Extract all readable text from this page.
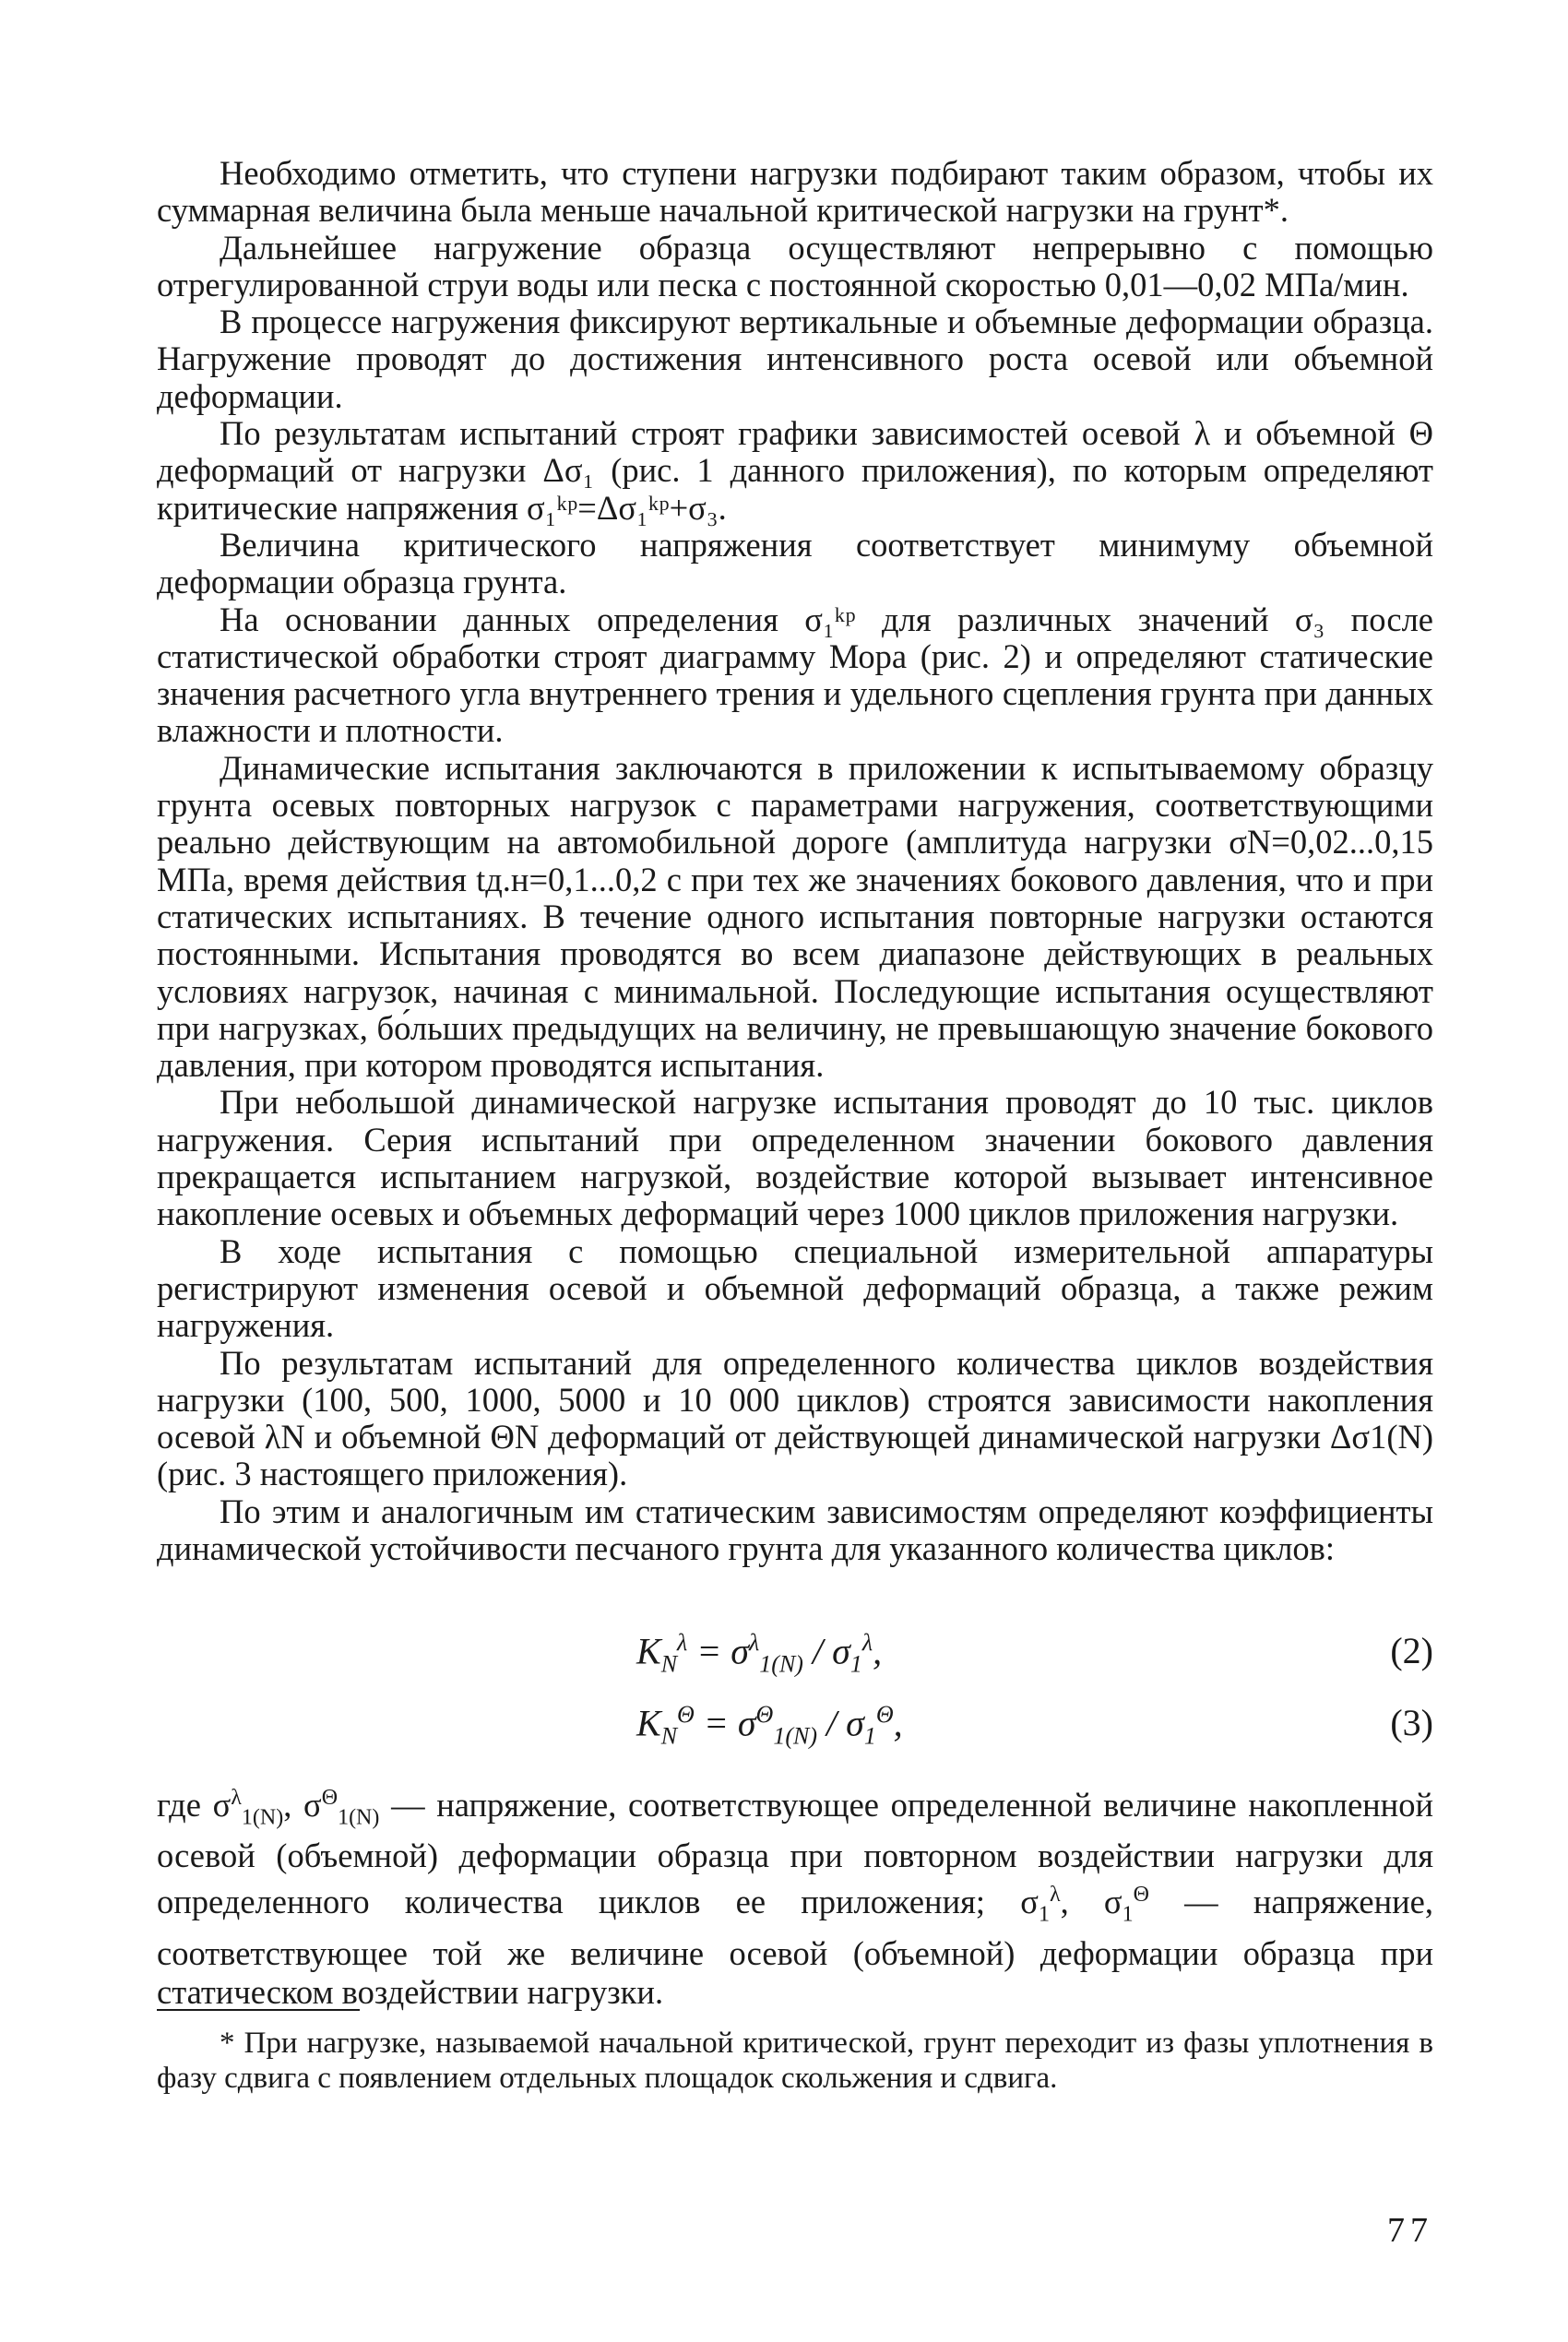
Необходимо отметить, что ступени нагрузки подбирают таким образом, чтобы их суммарная величина была меньше начальной критической нагрузки на грунт*.

Дальнейшее нагружение образца осуществляют непрерывно с помощью отрегулированной струи воды или песка с постоянной скоростью 0,01—0,02 МПа/мин.

В процессе нагружения фиксируют вертикальные и объемные деформации образца. Нагружение проводят до достижения интенсивного роста осевой или объемной деформации.

По результатам испытаний строят графики зависимостей осевой λ и объемной Θ деформаций от нагрузки Δσ₁ (рис. 1 данного приложения), по которым определяют критические напряжения σ₁ᵏᵖ=Δσ₁ᵏᵖ+σ₃.

Величина критического напряжения соответствует минимуму объемной деформации образца грунта.

На основании данных определения σ₁ᵏᵖ для различных значений σ₃ после статистической обработки строят диаграмму Мора (рис. 2) и определяют статические значения расчетного угла внутреннего трения и удельного сцепления грунта при данных влажности и плотности.

Динамические испытания заключаются в приложении к испытываемому образцу грунта осевых повторных нагрузок с параметрами нагружения, соответствующими реально действующим на автомобильной дороге (амплитуда нагрузки σN=0,02...0,15 МПа, время действия tд.н=0,1...0,2 с при тех же значениях бокового давления, что и при статических испытаниях. В течение одного испытания повторные нагрузки остаются постоянными. Испытания проводятся во всем диапазоне действующих в реальных условиях нагрузок, начиная с минимальной. Последующие испытания осуществляют при нагрузках, бо́льших предыдущих на величину, не превышающую значение бокового давления, при котором проводятся испытания.

При небольшой динамической нагрузке испытания проводят до 10 тыс. циклов нагружения. Серия испытаний при определенном значении бокового давления прекращается испытанием нагрузкой, воздействие которой вызывает интенсивное накопление осевых и объемных деформаций через 1000 циклов приложения нагрузки.

В ходе испытания с помощью специальной измерительной аппаратуры регистрируют изменения осевой и объемной деформаций образца, а также режим нагружения.

По результатам испытаний для определенного количества циклов воздействия нагрузки (100, 500, 1000, 5000 и 10 000 циклов) строятся зависимости накопления осевой λN и объемной ΘN деформаций от действующей динамической нагрузки Δσ1(N) (рис. 3 настоящего приложения).

По этим и аналогичным им статическим зависимостям определяют коэффициенты динамической устойчивости песчаного грунта для указанного количества циклов:

$K_N^\lambda = \sigma^\lambda_{1(N)} / \sigma_1^\lambda$,	(2)
$K_N^\Theta = \sigma^\Theta_{1(N)} / \sigma_1^\Theta$,	(3)

где $\sigma^\lambda_{1(N)}$, $\sigma^\Theta_{1(N)}$ — напряжение, соответствующее определенной величине накопленной осевой (объемной) деформации образца при повторном воздействии нагрузки для определенного количества циклов ее приложения; $\sigma_1^\lambda$, $\sigma_1^\Theta$ — напряжение, соответствующее той же величине осевой (объемной) деформации образца при статическом воздействии нагрузки.

* При нагрузке, называемой начальной критической, грунт переходит из фазы уплотнения в фазу сдвига с появлением отдельных площадок скольжения и сдвига.

77
